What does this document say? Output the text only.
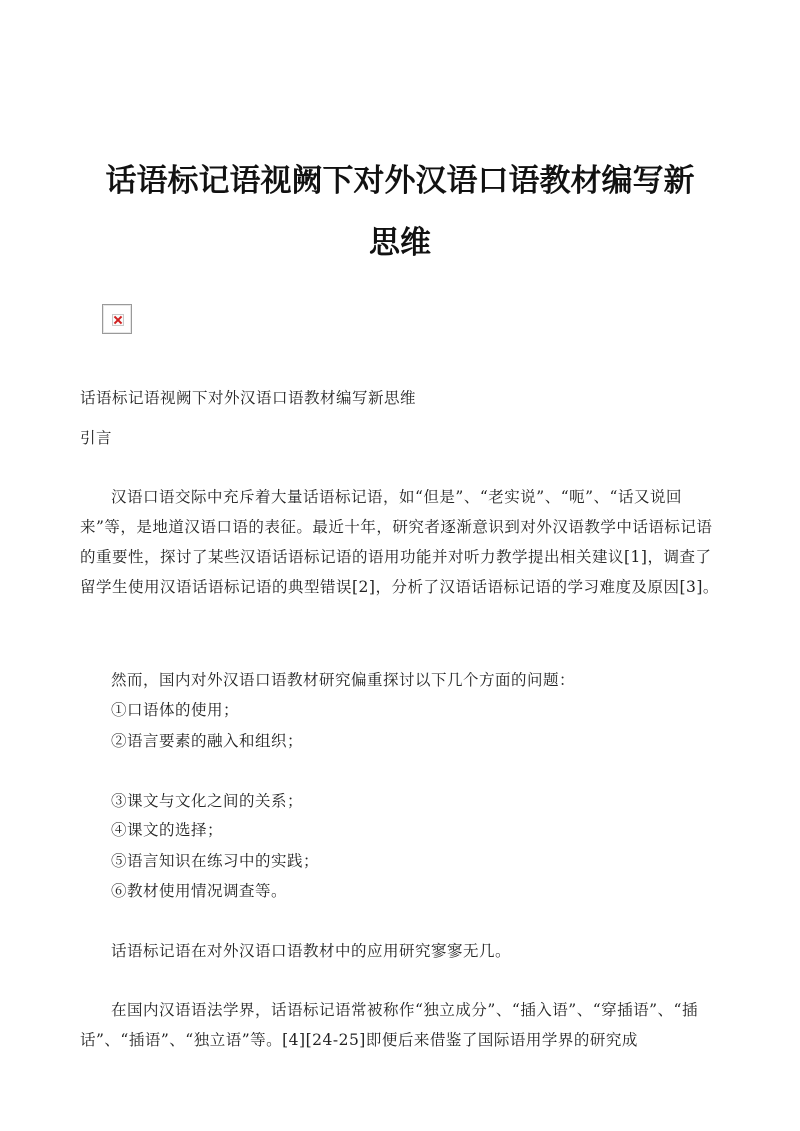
话语标记语视阙下对外汉语口语教材编写新
思维

话语标记语视阙下对外汉语口语教材编写新思维

引言

汉语口语交际中充斥着大量话语标记语，如“但是”、“老实说”、“呃”、“话又说回来”等，是地道汉语口语的表征。最近十年，研究者逐渐意识到对外汉语教学中话语标记语的重要性，探讨了某些汉语话语标记语的语用功能并对听力教学提出相关建议[1]，调查了留学生使用汉语话语标记语的典型错误[2]，分析了汉语话语标记语的学习难度及原因[3]。

然而，国内对外汉语口语教材研究偏重探讨以下几个方面的问题：

①口语体的使用；

②语言要素的融入和组织；

③课文与文化之间的关系；

④课文的选择；

⑤语言知识在练习中的实践；

⑥教材使用情况调查等。

话语标记语在对外汉语口语教材中的应用研究寥寥无几。

在国内汉语语法学界，话语标记语常被称作“独立成分”、“插入语”、“穿插语”、“插话”、“插语”、“独立语”等。[4][24-25]即便后来借鉴了国际语用学界的研究成
